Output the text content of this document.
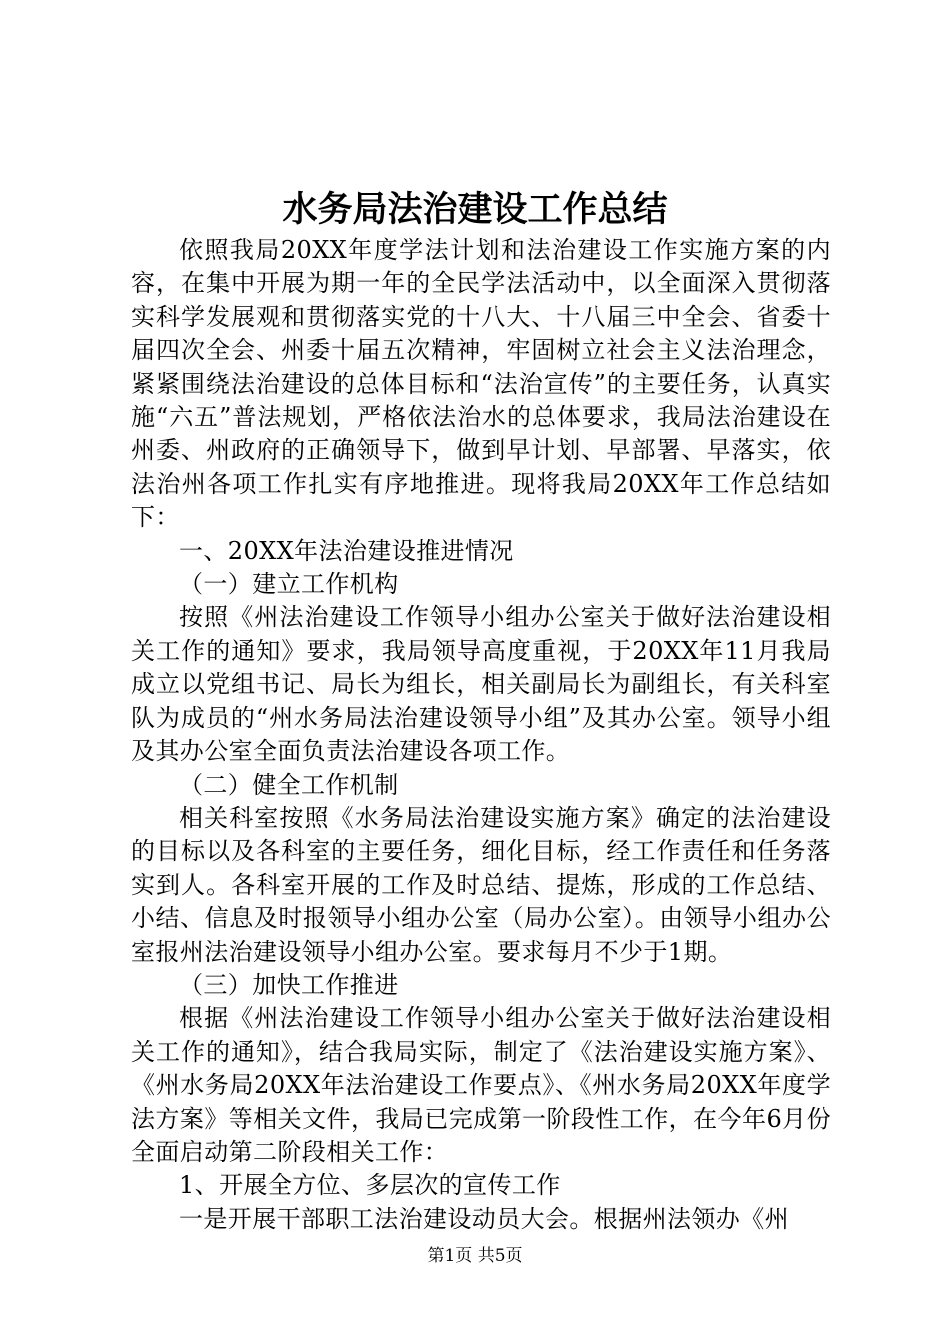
水务局法治建设工作总结

依照我局20XX年度学法计划和法治建设工作实施方案的内容，在集中开展为期一年的全民学法活动中，以全面深入贯彻落实科学发展观和贯彻落实党的十八大、十八届三中全会、省委十届四次全会、州委十届五次精神，牢固树立社会主义法治理念，紧紧围绕法治建设的总体目标和“法治宣传”的主要任务，认真实施“六五”普法规划，严格依法治水的总体要求，我局法治建设在州委、州政府的正确领导下，做到早计划、早部署、早落实，依法治州各项工作扎实有序地推进。现将我局20XX年工作总结如下：

一、20XX年法治建设推进情况

（一）建立工作机构

按照《州法治建设工作领导小组办公室关于做好法治建设相关工作的通知》要求，我局领导高度重视，于20XX年11月我局成立以党组书记、局长为组长，相关副局长为副组长，有关科室队为成员的“州水务局法治建设领导小组”及其办公室。领导小组及其办公室全面负责法治建设各项工作。

（二）健全工作机制

相关科室按照《水务局法治建设实施方案》确定的法治建设的目标以及各科室的主要任务，细化目标，经工作责任和任务落实到人。各科室开展的工作及时总结、提炼，形成的工作总结、小结、信息及时报领导小组办公室（局办公室）。由领导小组办公室报州法治建设领导小组办公室。要求每月不少于1期。

（三）加快工作推进

根据《州法治建设工作领导小组办公室关于做好法治建设相关工作的通知》，结合我局实际，制定了《法治建设实施方案》、《州水务局20XX年法治建设工作要点》、《州水务局20XX年度学法方案》等相关文件，我局已完成第一阶段性工作，在今年6月份全面启动第二阶段相关工作：

1、开展全方位、多层次的宣传工作

一是开展干部职工法治建设动员大会。根据州法领办《州

第1页 共5页
